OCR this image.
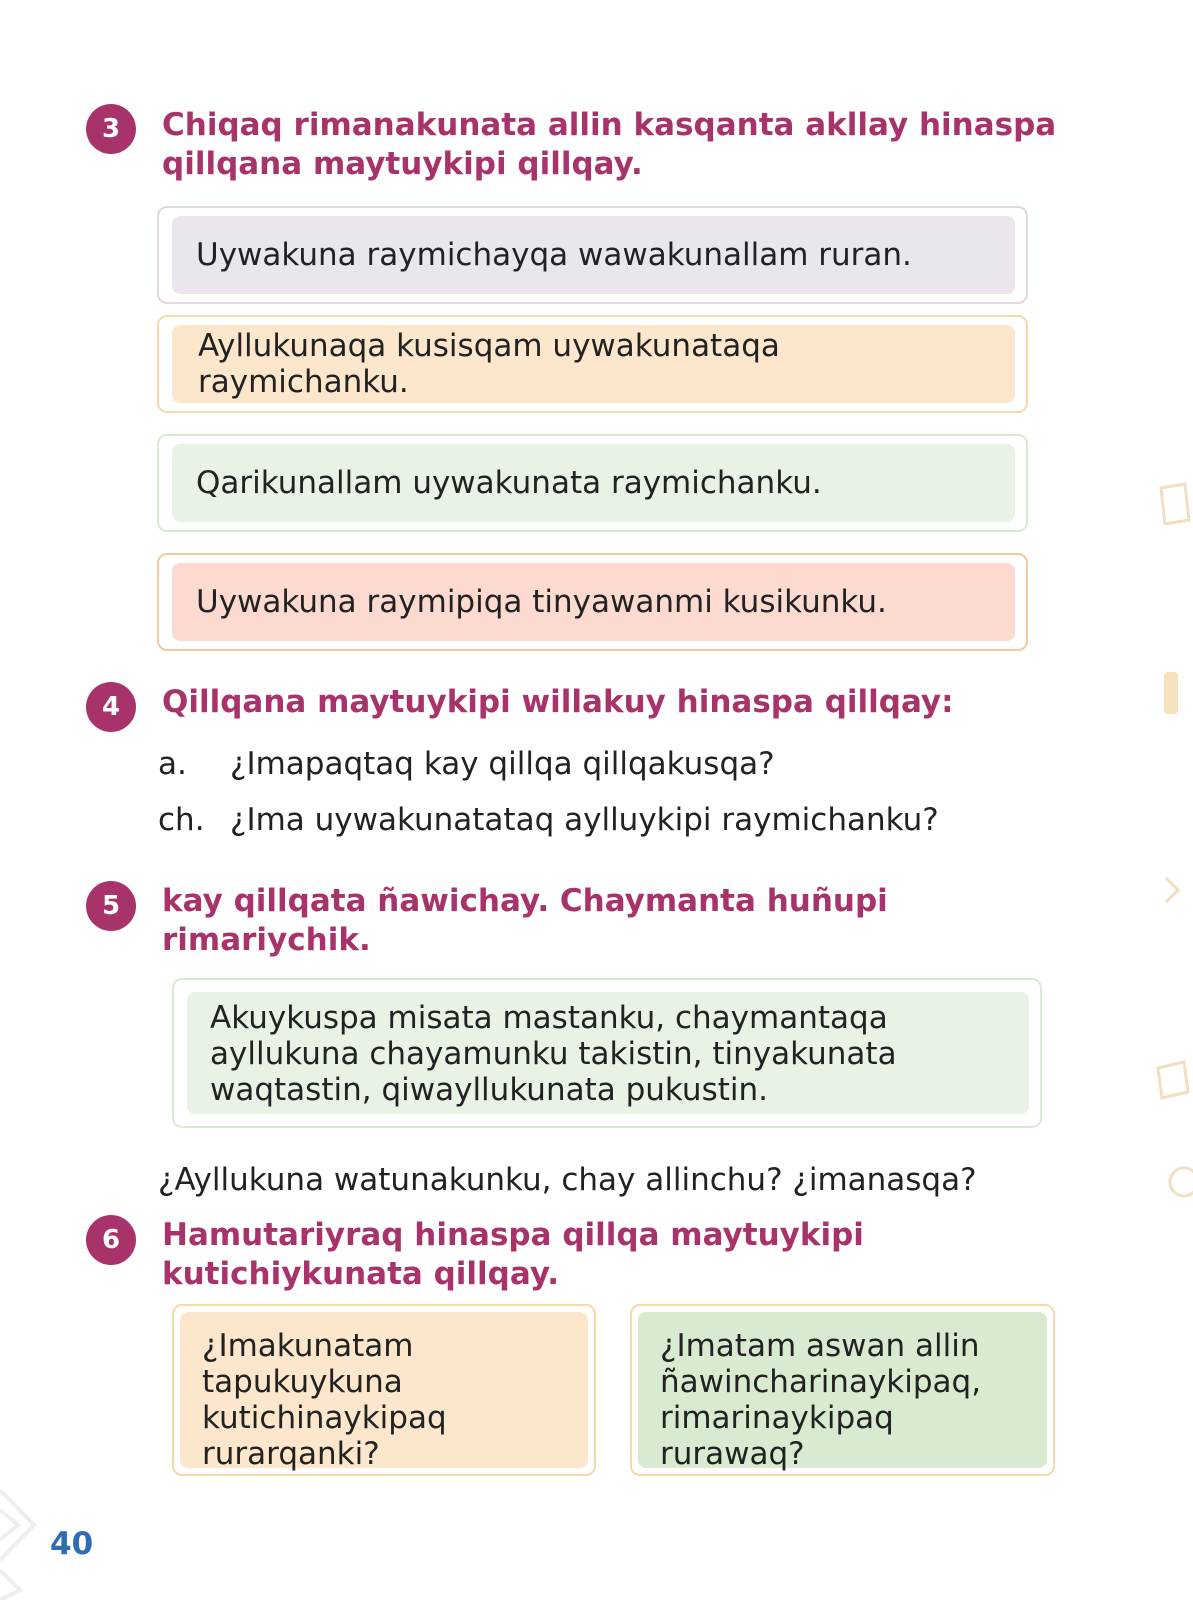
3	Chiqaq rimanakunata allin kasqanta akllay hinaspa
qillqana maytuykipi qillqay.
Uywakuna raymichayqa wawakunallam ruran.
Ayllukunaqa kusisqam uywakunataqa raymichanku.
Qarikunallam uywakunata raymichanku.
Uywakuna raymipiqa tinyawanmi kusikunku.
4	Qillqana maytuykipi willakuy hinaspa qillqay:
a. ¿Imapaqtaq kay qillqa qillqakusqa?
ch. ¿Ima uywakunatataq aylluykipi raymichanku?
5	kay qillqata ñawichay. Chaymanta huñupi
rimariychik.
Akuykuspa misata mastanku, chaymantaqa
ayllukuna chayamunku takistin, tinyakunata
waqtastin, qiwayllukunata pukustin.
¿Ayllukuna watunakunku, chay allinchu? ¿imanasqa?
6	Hamutariyraq hinaspa qillqa maytuykipi
kutichiykunata qillqay.
¿Imakunatam
tapukuykuna
kutichinaykipaq
rurarqanki?
¿Imatam aswan allin
ñawincharinaykipaq,
rimarinaykipaq
rurawaq?
40
